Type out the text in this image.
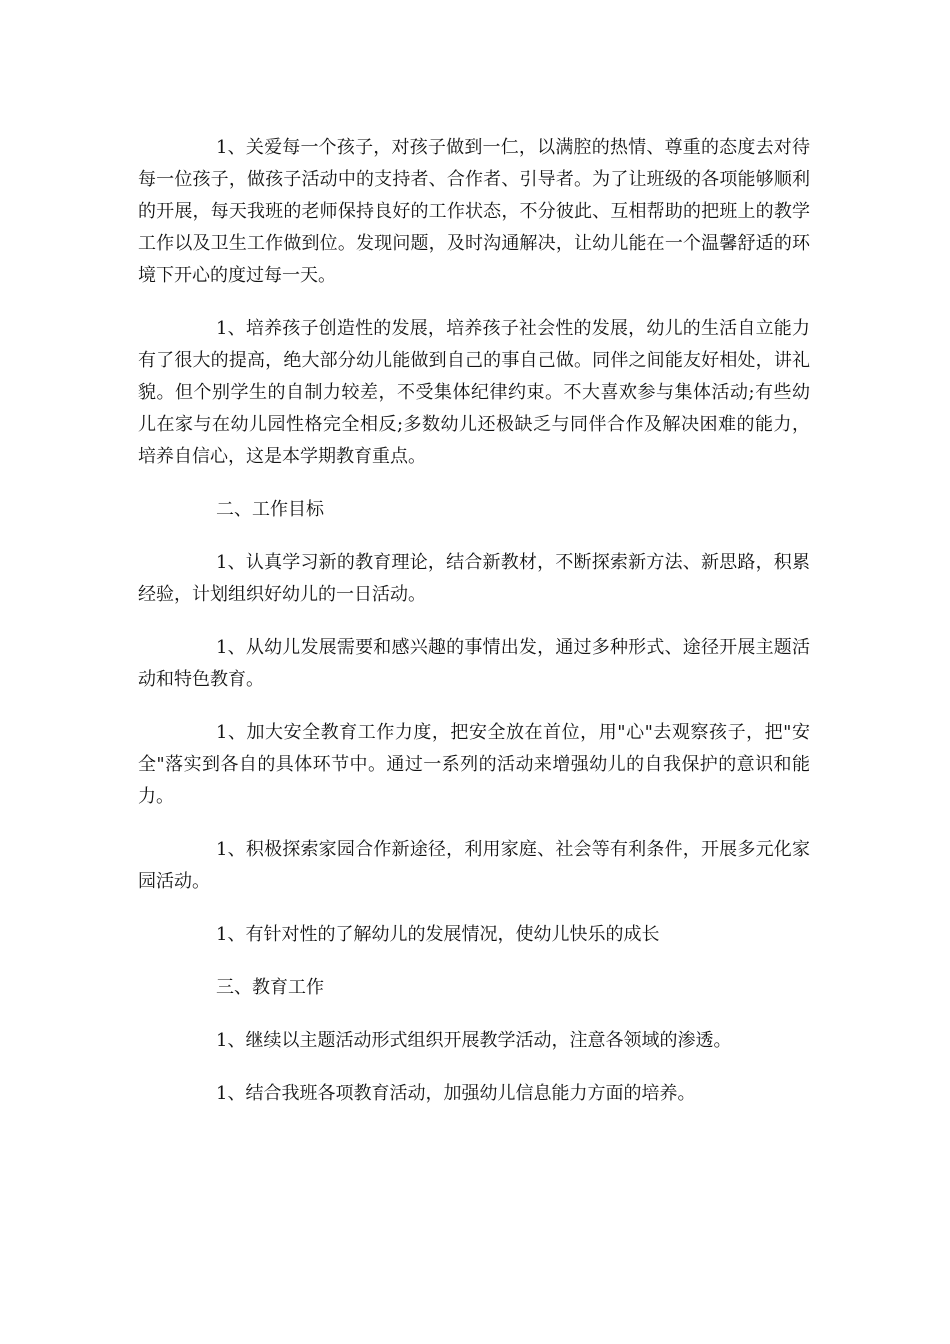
1、关爱每一个孩子，对孩子做到一仁，以满腔的热情、尊重的态度去对待每一位孩子，做孩子活动中的支持者、合作者、引导者。为了让班级的各项能够顺利的开展，每天我班的老师保持良好的工作状态，不分彼此、互相帮助的把班上的教学工作以及卫生工作做到位。发现问题，及时沟通解决，让幼儿能在一个温馨舒适的环境下开心的度过每一天。

1、培养孩子创造性的发展，培养孩子社会性的发展，幼儿的生活自立能力有了很大的提高，绝大部分幼儿能做到自己的事自己做。同伴之间能友好相处，讲礼貌。但个别学生的自制力较差，不受集体纪律约束。不大喜欢参与集体活动;有些幼儿在家与在幼儿园性格完全相反;多数幼儿还极缺乏与同伴合作及解决困难的能力，培养自信心，这是本学期教育重点。

二、工作目标

1、认真学习新的教育理论，结合新教材，不断探索新方法、新思路，积累经验，计划组织好幼儿的一日活动。

1、从幼儿发展需要和感兴趣的事情出发，通过多种形式、途径开展主题活动和特色教育。

1、加大安全教育工作力度，把安全放在首位，用"心"去观察孩子，把"安全"落实到各自的具体环节中。通过一系列的活动来增强幼儿的自我保护的意识和能力。

1、积极探索家园合作新途径，利用家庭、社会等有利条件，开展多元化家园活动。

1、有针对性的了解幼儿的发展情况，使幼儿快乐的成长

三、教育工作

1、继续以主题活动形式组织开展教学活动，注意各领域的渗透。

1、结合我班各项教育活动，加强幼儿信息能力方面的培养。
